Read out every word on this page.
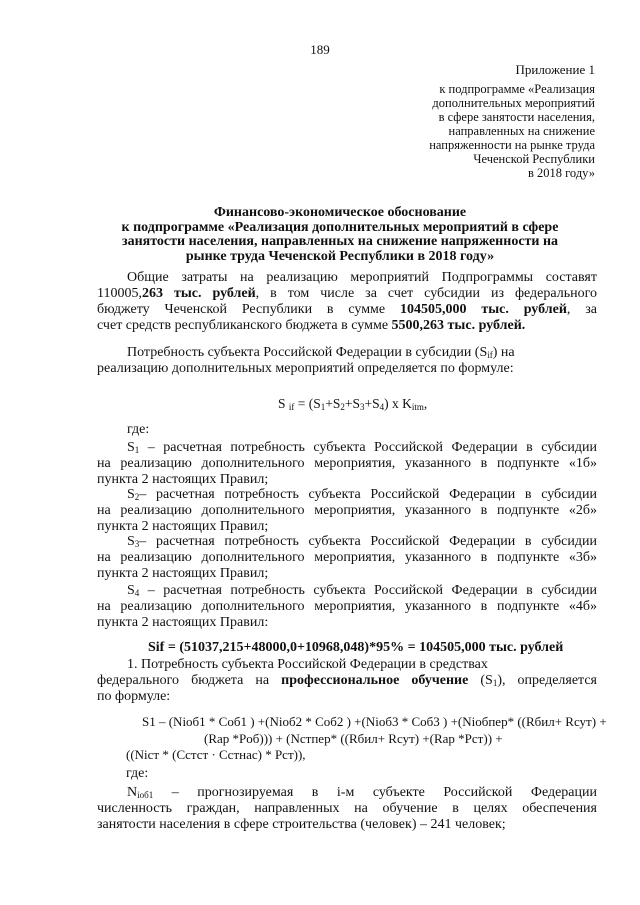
189
Приложение 1
к подпрограмме «Реализация
дополнительных мероприятий
в сфере занятости населения,
направленных на снижение
напряженности на рынке труда
Чеченской Республики
в 2018 году»
Финансово-экономическое обоснование
к подпрограмме «Реализация дополнительных мероприятий в сфере
занятости населения, направленных на снижение напряженности на
рынке труда Чеченской Республики в 2018 году»
Общие затраты на реализацию мероприятий Подпрограммы составят
110005,263 тыс. рублей, в том числе за счет субсидии из федерального
бюджету Чеченской Республики в сумме 104505,000 тыс. рублей, за
счет средств республиканского бюджета в сумме 5500,263 тыс. рублей.
Потребность субъекта Российской Федерации в субсидии $(S_{if})$ на
реализацию дополнительных мероприятий определяется по формуле:
S $_{if} = (S_1+S_2+S_3+S_4)$ x $K_{itm}$,
где:
$S_1$ – расчетная потребность субъекта Российской Федерации в субсидии
на реализацию дополнительного мероприятия, указанного в подпункте «1б»
пункта 2 настоящих Правил;
$S_2-$ расчетная потребность субъекта Российской Федерации в субсидии
на реализацию дополнительного мероприятия, указанного в подпункте «2б»
пункта 2 настоящих Правил;
$S_3-$ расчетная потребность субъекта Российской Федерации в субсидии
на реализацию дополнительного мероприятия, указанного в подпункте «3б»
пункта 2 настоящих Правил;
$S_4$ – расчетная потребность субъекта Российской Федерации в субсидии
на реализацию дополнительного мероприятия, указанного в подпункте «4б»
пункта 2 настоящих Правил:
Sif = (51037,215+48000,0+10968,048)*95% = 104505,000 тыс. рублей
1. Потребность субъекта Российской Федерации в средствах
федерального бюджета на профессиональное обучение $(S_1)$, определяется
по формуле:
S1 – (Nioб1 * Coб1 ) +(Nioб2 * Coб2 ) +(Nioб3 * Coб3 ) +(Nioбпер* ((Rбил+ Rсут) +
(Rар *Pоб))) + (Nстпер* ((Rбил+ Rсут) +(Rар *Pст)) +
((Niст * (Cстст · Cстнас) * Pст)),
где:
$N_{ioб1}$ – прогнозируемая в i-м субъекте Российской Федерации
численность граждан, направленных на обучение в целях обеспечения
занятости населения в сфере строительства (человек) – 241 человек;
